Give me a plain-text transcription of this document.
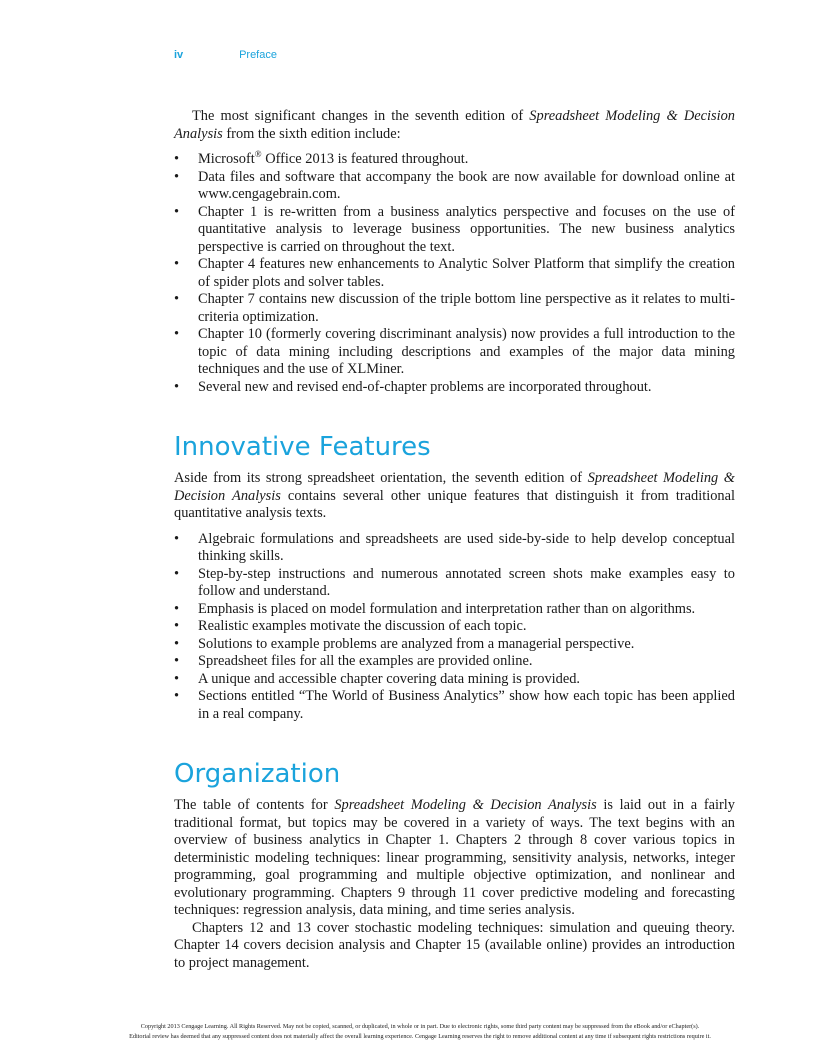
iv	Preface

The most significant changes in the seventh edition of Spreadsheet Modeling & Decision Analysis from the sixth edition include:

• Microsoft® Office 2013 is featured throughout.
• Data files and software that accompany the book are now available for download online at www.cengagebrain.com.
• Chapter 1 is re-written from a business analytics perspective and focuses on the use of quantitative analysis to leverage business opportunities. The new business analytics perspective is carried on throughout the text.
• Chapter 4 features new enhancements to Analytic Solver Platform that simplify the creation of spider plots and solver tables.
• Chapter 7 contains new discussion of the triple bottom line perspective as it relates to multi-criteria optimization.
• Chapter 10 (formerly covering discriminant analysis) now provides a full introduction to the topic of data mining including descriptions and examples of the major data mining techniques and the use of XLMiner.
• Several new and revised end-of-chapter problems are incorporated throughout.
Innovative Features

Aside from its strong spreadsheet orientation, the seventh edition of Spreadsheet Modeling & Decision Analysis contains several other unique features that distinguish it from traditional quantitative analysis texts.

• Algebraic formulations and spreadsheets are used side-by-side to help develop conceptual thinking skills.
• Step-by-step instructions and numerous annotated screen shots make examples easy to follow and understand.
• Emphasis is placed on model formulation and interpretation rather than on algorithms.
• Realistic examples motivate the discussion of each topic.
• Solutions to example problems are analyzed from a managerial perspective.
• Spreadsheet files for all the examples are provided online.
• A unique and accessible chapter covering data mining is provided.
• Sections entitled “The World of Business Analytics” show how each topic has been applied in a real company.
Organization

The table of contents for Spreadsheet Modeling & Decision Analysis is laid out in a fairly traditional format, but topics may be covered in a variety of ways. The text begins with an overview of business analytics in Chapter 1. Chapters 2 through 8 cover various topics in deterministic modeling techniques: linear programming, sensitivity analysis, networks, integer programming, goal programming and multiple objective optimization, and nonlinear and evolutionary programming. Chapters 9 through 11 cover predictive modeling and forecasting techniques: regression analysis, data mining, and time series analysis.

Chapters 12 and 13 cover stochastic modeling techniques: simulation and queuing theory. Chapter 14 covers decision analysis and Chapter 15 (available online) provides an introduction to project management.

Copyright 2013 Cengage Learning. All Rights Reserved. May not be copied, scanned, or duplicated, in whole or in part. Due to electronic rights, some third party content may be suppressed from the eBook and/or eChapter(s).
Editorial review has deemed that any suppressed content does not materially affect the overall learning experience. Cengage Learning reserves the right to remove additional content at any time if subsequent rights restrictions require it.
